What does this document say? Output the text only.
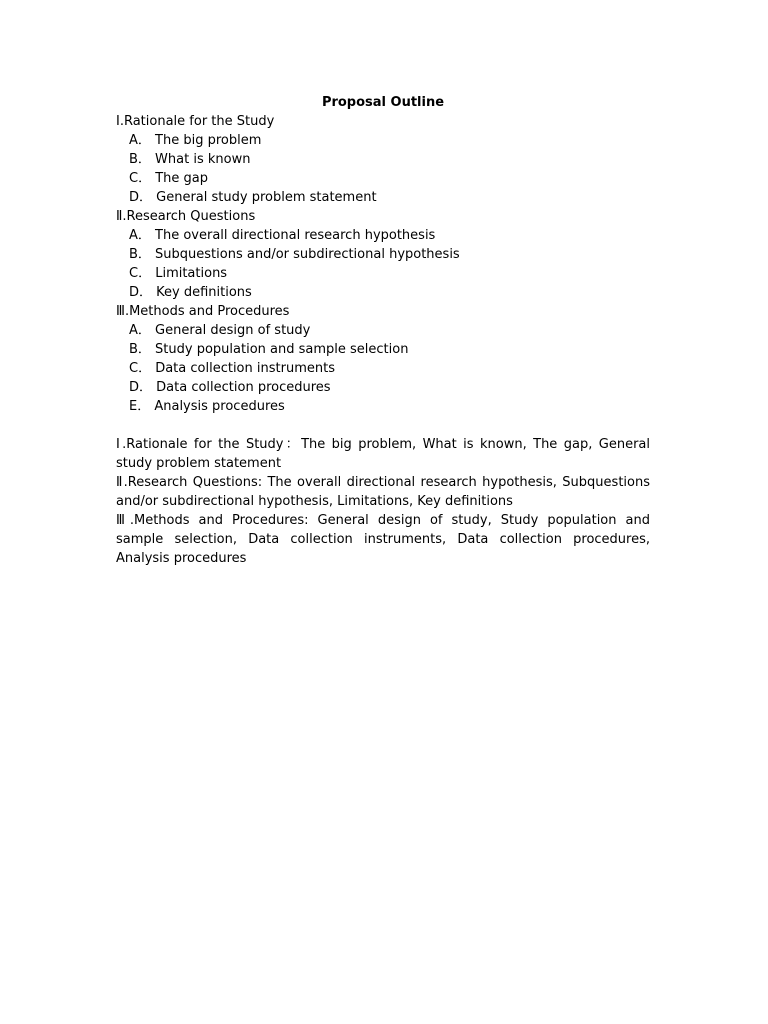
Proposal Outline
Ⅰ.Rationale for the Study
A． The big problem
B． What is known
C． The gap
D． General study problem statement
Ⅱ.Research Questions
A． The overall directional research hypothesis
B． Subquestions and/or subdirectional hypothesis
C． Limitations
D． Key definitions
Ⅲ.Methods and Procedures
A． General design of study
B． Study population and sample selection
C． Data collection instruments
D． Data collection procedures
E． Analysis procedures
Ⅰ.Rationale for the Study：The big problem, What is known, The gap, General study problem statement
Ⅱ.Research Questions: The overall directional research hypothesis, Subquestions and/or subdirectional hypothesis, Limitations, Key definitions
Ⅲ.Methods and Procedures: General design of study, Study population and sample selection, Data collection instruments, Data collection procedures, Analysis procedures
